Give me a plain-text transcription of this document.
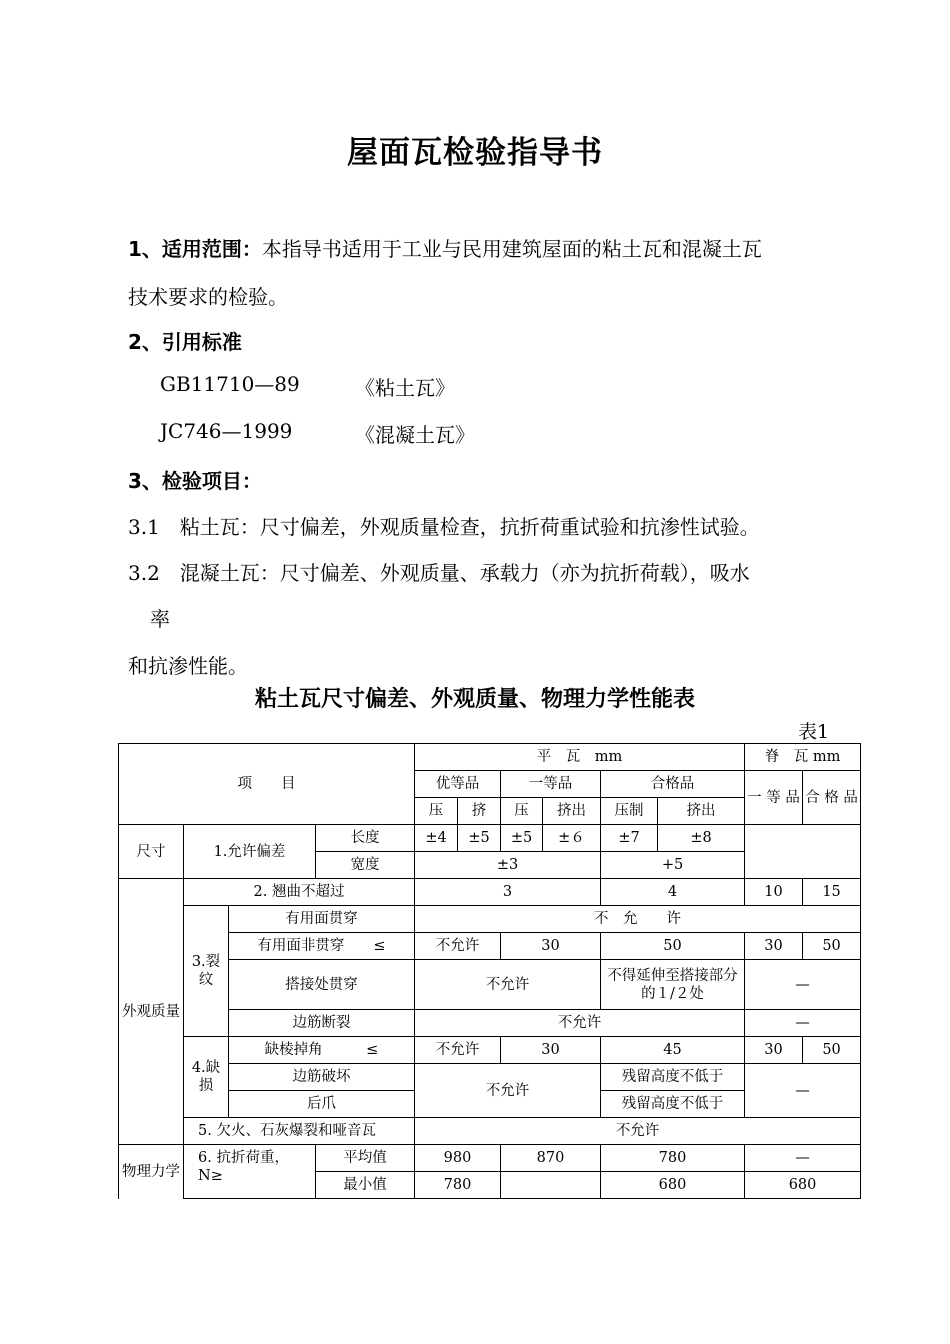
屋面瓦检验指导书
1、适用范围：本指导书适用于工业与民用建筑屋面的粘土瓦和混凝土瓦
技术要求的检验。
2、引用标准
GB11710—89	《粘土瓦》
JC746—1999	《混凝土瓦》
3、检验项目：
3.1　粘土瓦：尺寸偏差，外观质量检查，抗折荷重试验和抗渗性试验。
3.2　混凝土瓦：尺寸偏差、外观质量、承载力（亦为抗折荷载），吸水
率
和抗渗性能。
粘土瓦尺寸偏差、外观质量、物理力学性能表
表1
项　　目				平　瓦　mm						脊　瓦 mm	
				优等品		一等品		合格品		一 等 品	合 格 品
				压	挤	压	挤出	压制	挤出		
尺寸	1.允许偏差		长度	±4	±5	±5	±６	±7	±8		
			宽度	±3				+5			
外观质量	2. 翘曲不超过			3				4		10	15
	3.裂纹	有用面贯穿		不　允　　许							
		有用面非贯穿　　≤		不允许		30		50		30	50
		搭接处贯穿		不允许				不得延伸至搭接部分的１/２处		—	
		边筋断裂		不允许						—	
	4.缺损	缺棱掉角　　　≤		不允许		30		45		30	50
		边筋破坏		不允许				残留高度不低于		—	
		后爪						残留高度不低于			
	5. 欠火、石灰爆裂和哑音瓦			不允许							
物理力学	6. 抗折荷重，N≥		平均值	980		870		780		—	
			最小值	780				680		680	
